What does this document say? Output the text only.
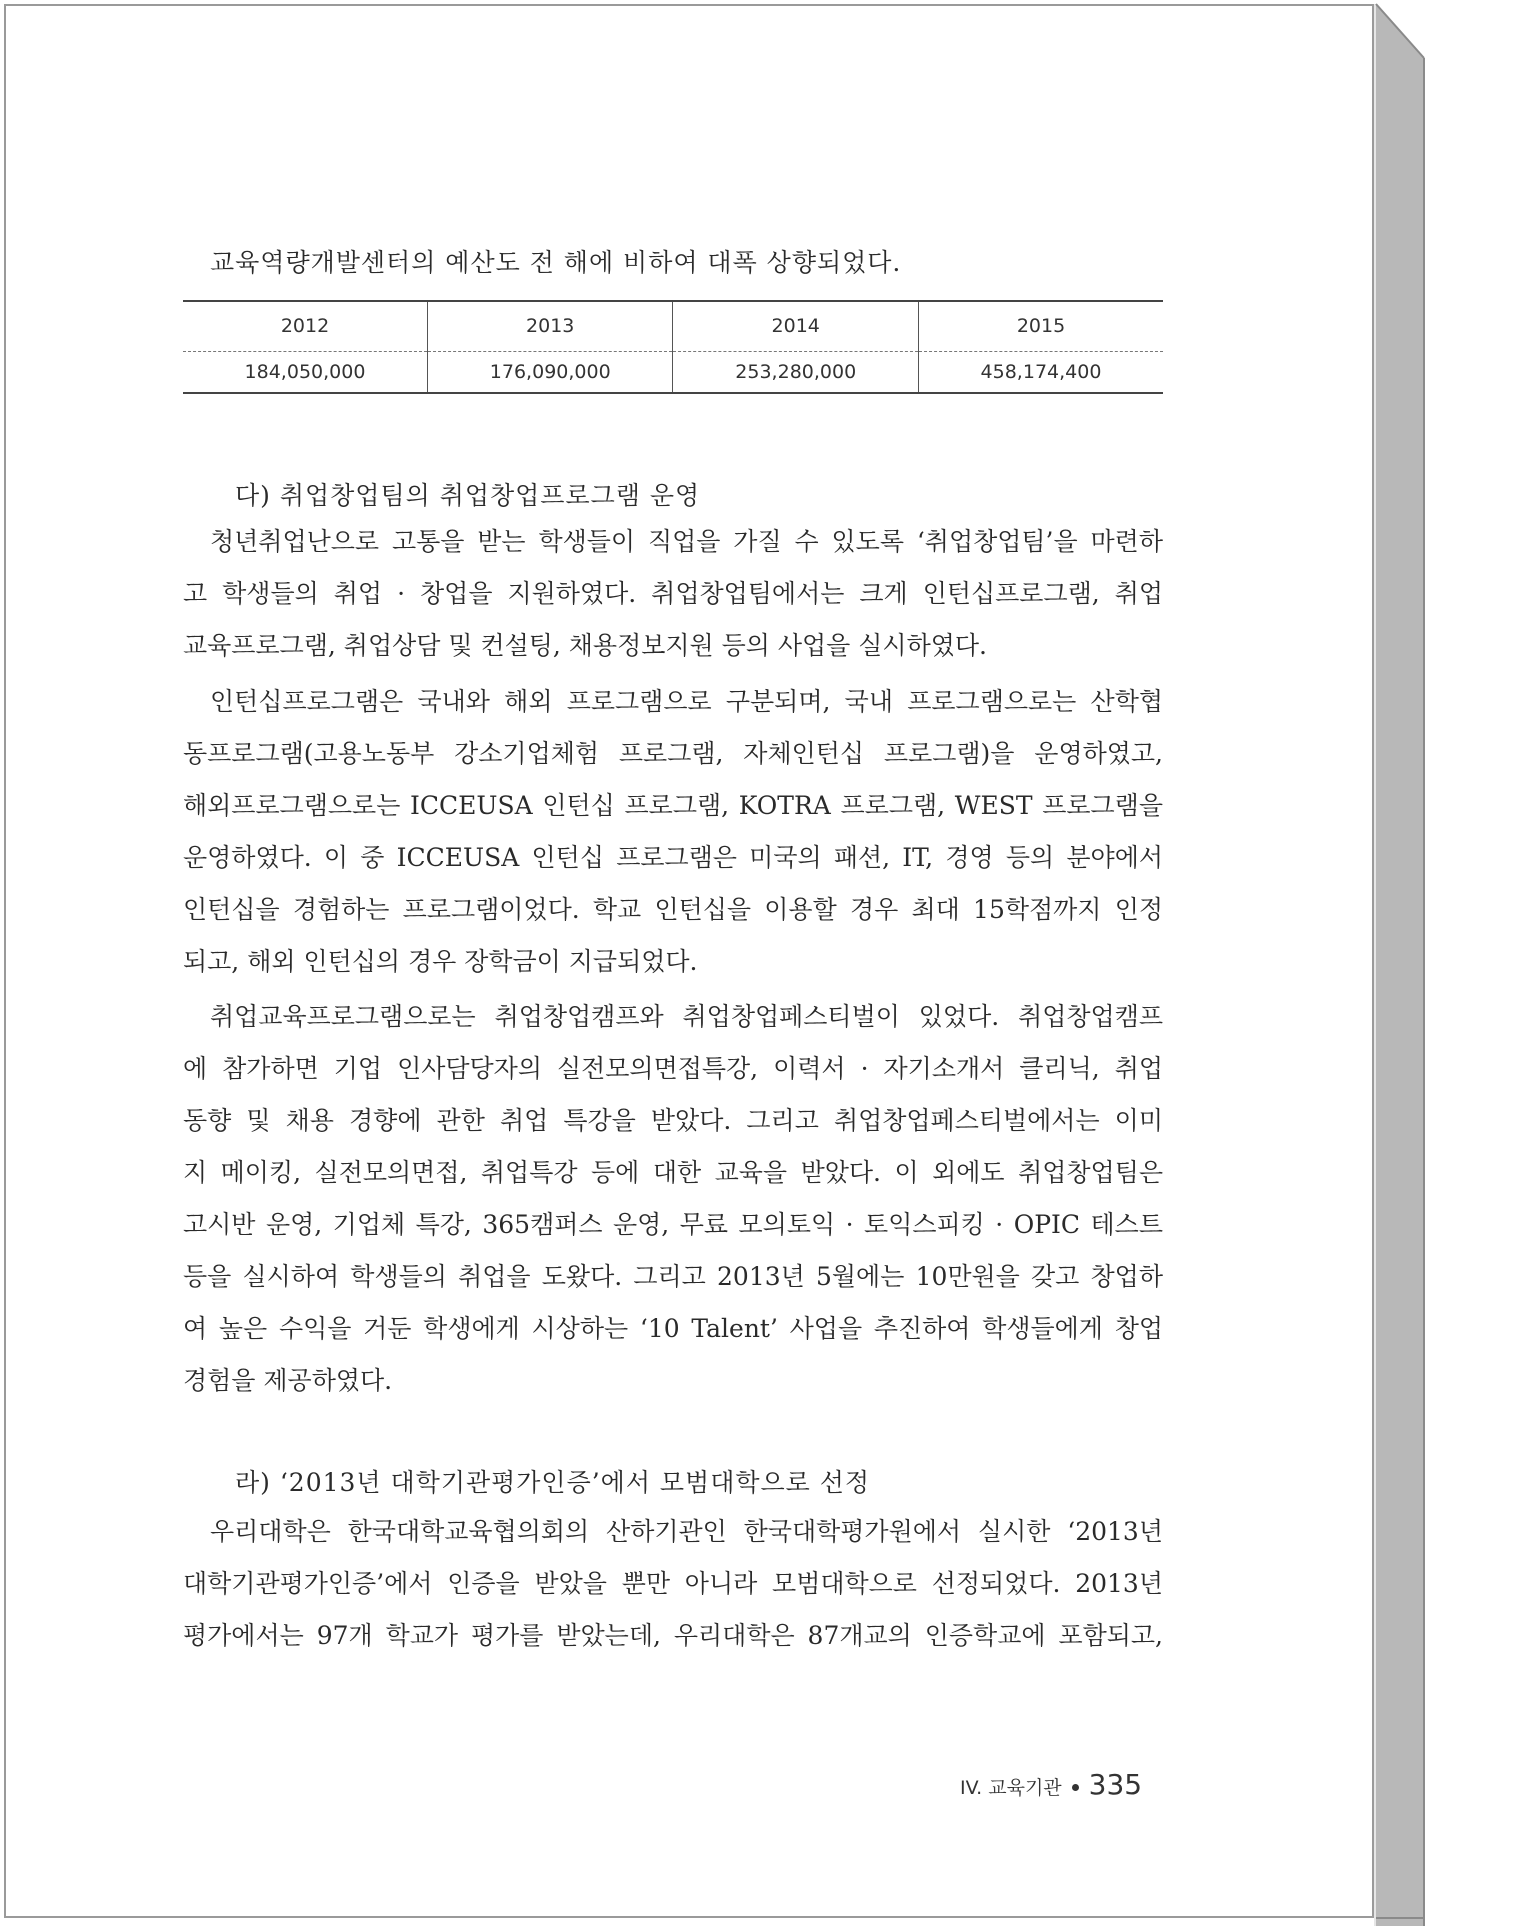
교육역량개발센터의 예산도 전 해에 비하여 대폭 상향되었다.
2012	2013	2014	2015
184,050,000	176,090,000	253,280,000	458,174,400
다) 취업창업팀의 취업창업프로그램 운영
청년취업난으로 고통을 받는 학생들이 직업을 가질 수 있도록 ‘취업창업팀’을 마련하
고 학생들의 취업 · 창업을 지원하였다. 취업창업팀에서는 크게 인턴십프로그램, 취업
교육프로그램, 취업상담 및 컨설팅, 채용정보지원 등의 사업을 실시하였다.
인턴십프로그램은 국내와 해외 프로그램으로 구분되며, 국내 프로그램으로는 산학협
동프로그램(고용노동부 강소기업체험 프로그램, 자체인턴십 프로그램)을 운영하였고,
해외프로그램으로는 ICCEUSA 인턴십 프로그램, KOTRA 프로그램, WEST 프로그램을
운영하였다. 이 중 ICCEUSA 인턴십 프로그램은 미국의 패션, IT, 경영 등의 분야에서
인턴십을 경험하는 프로그램이었다. 학교 인턴십을 이용할 경우 최대 15학점까지 인정
되고, 해외 인턴십의 경우 장학금이 지급되었다.
취업교육프로그램으로는 취업창업캠프와 취업창업페스티벌이 있었다. 취업창업캠프
에 참가하면 기업 인사담당자의 실전모의면접특강, 이력서 · 자기소개서 클리닉, 취업
동향 및 채용 경향에 관한 취업 특강을 받았다. 그리고 취업창업페스티벌에서는 이미
지 메이킹, 실전모의면접, 취업특강 등에 대한 교육을 받았다. 이 외에도 취업창업팀은
고시반 운영, 기업체 특강, 365캠퍼스 운영, 무료 모의토익 · 토익스피킹 · OPIC 테스트
등을 실시하여 학생들의 취업을 도왔다. 그리고 2013년 5월에는 10만원을 갖고 창업하
여 높은 수익을 거둔 학생에게 시상하는 ‘10 Talent’ 사업을 추진하여 학생들에게 창업
경험을 제공하였다.
라) ‘2013년 대학기관평가인증’에서 모범대학으로 선정
우리대학은 한국대학교육협의회의 산하기관인 한국대학평가원에서 실시한 ‘2013년
대학기관평가인증’에서 인증을 받았을 뿐만 아니라 모범대학으로 선정되었다. 2013년
평가에서는 97개 학교가 평가를 받았는데, 우리대학은 87개교의 인증학교에 포함되고,
IV. 교육기관 335
